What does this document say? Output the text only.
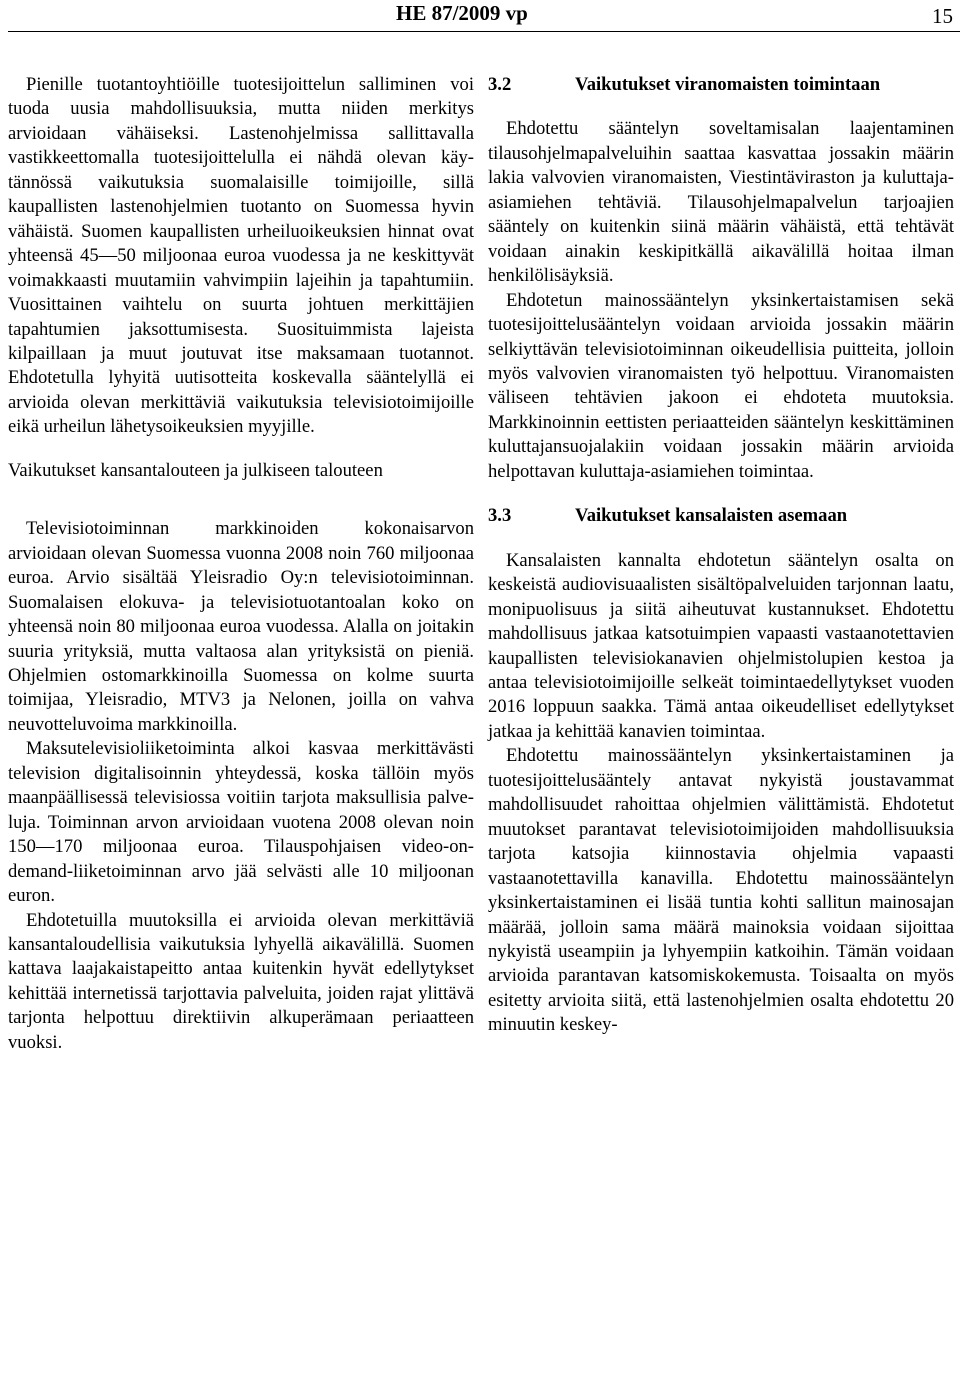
HE 87/2009 vp	15

Pienille tuotantoyhtiöille tuotesijoittelun salliminen voi tuoda uusia mahdollisuuksia, mutta niiden merkitys arvioidaan vähäiseksi. Lastenohjelmissa sallittavalla vastikkeettomalla tuotesijoittelulla ei nähdä olevan käytännössä vaikutuksia suomalaisille toimijoille, sillä kaupallisten lastenohjelmien tuotanto on Suomessa hyvin vähäistä. Suomen kaupallisten urheiluoikeuksien hinnat ovat yhteensä 45—50 miljoonaa euroa vuodessa ja ne keskittyvät voimakkaasti muutamiin vahvimpiin lajeihin ja tapahtumiin. Vuosittainen vaihtelu on suurta johtuen merkittäjien tapahtumien jaksottumisesta. Suosituimmista lajeista kilpaillaan ja muut joutuvat itse maksamaan tuotannot. Ehdotetulla lyhyitä uutisotteita koskevalla sääntelyllä ei arvioida olevan merkittäviä vaikutuksia televisiotoimijoille eikä urheilun lähetysoikeuksien myyjille.

Vaikutukset kansantalouteen ja julkiseen talouteen

Televisiotoiminnan markkinoiden kokonaisarvon arvioidaan olevan Suomessa vuonna 2008 noin 760 miljoonaa euroa. Arvio sisältää Yleisradio Oy:n televisiotoiminnan. Suomalaisen elokuva- ja televisiotuotantoalan koko on yhteensä noin 80 miljoonaa euroa vuodessa. Alalla on joitakin suuria yrityksiä, mutta valtaosa alan yrityksistä on pieniä. Ohjelmien ostomarkkinoilla Suomessa on kolme suurta toimijaa, Yleisradio, MTV3 ja Nelonen, joilla on vahva neuvotteluvoima markkinoilla.

Maksutelevisioliiketoiminta alkoi kasvaa merkittävästi television digitalisoinnin yhteydessä, koska tällöin myös maanpäällisessä televisiossa voitiin tarjota maksullisia palveluja. Toiminnan arvon arvioidaan vuotena 2008 olevan noin 150—170 miljoonaa euroa. Tilauspohjaisen video-on-demand-liiketoiminnan arvo jää selvästi alle 10 miljoonan euron.

Ehdotetuilla muutoksilla ei arvioida olevan merkittäviä kansantaloudellisia vaikutuksia lyhyellä aikavälillä. Suomen kattava laajakaistapeitto antaa kuitenkin hyvät edellytykset kehittää internetissä tarjottavia palveluita, joiden rajat ylittävä tarjonta helpottuu direktiivin alkuperämaan periaatteen vuoksi.

3.2	Vaikutukset viranomaisten toimintaan

Ehdotettu sääntelyn soveltamisalan laajentaminen tilausohjelmapalveluihin saattaa kasvattaa jossakin määrin lakia valvovien viranomaisten, Viestintäviraston ja kuluttajaasiamiehen tehtäviä. Tilausohjelmapalvelun tarjoajien sääntely on kuitenkin siinä määrin vähäistä, että tehtävät voidaan ainakin keskipitkällä aikavälillä hoitaa ilman henkilölisäyksiä.

Ehdotetun mainossääntelyn yksinkertaistamisen sekä tuotesijoittelusääntelyn voidaan arvioida jossakin määrin selkiyttävän televisiotoiminnan oikeudellisia puitteita, jolloin myös valvovien viranomaisten työ helpottuu. Viranomaisten väliseen tehtävien jakoon ei ehdoteta muutoksia. Markkinoinnin eettisten periaatteiden sääntelyn keskittäminen kuluttajansuojalakiin voidaan jossakin määrin arvioida helpottavan kuluttaja-asiamiehen toimintaa.

3.3	Vaikutukset kansalaisten asemaan

Kansalaisten kannalta ehdotetun sääntelyn osalta on keskeistä audiovisuaalisten sisältöpalveluiden tarjonnan laatu, monipuolisuus ja siitä aiheutuvat kustannukset. Ehdotettu mahdollisuus jatkaa katsotuimpien vapaasti vastaanotettavien kaupallisten televisiokanavien ohjelmistolupien kestoa ja antaa televisiotoimijoille selkeät toimintaedellytykset vuoden 2016 loppuun saakka. Tämä antaa oikeudelliset edellytykset jatkaa ja kehittää kanavien toimintaa.

Ehdotettu mainossääntelyn yksinkertaistaminen ja tuotesijoittelusääntely antavat nykyistä joustavammat mahdollisuudet rahoittaa ohjelmien välittämistä. Ehdotetut muutokset parantavat televisiotoimijoiden mahdollisuuksia tarjota katsojia kiinnostavia ohjelmia vapaasti vastaanotettavilla kanavilla. Ehdotettu mainossääntelyn yksinkertaistaminen ei lisää tuntia kohti sallitun mainosajan määrää, jolloin sama määrä mainoksia voidaan sijoittaa nykyistä useampiin ja lyhyempiin katkoihin. Tämän voidaan arvioida parantavan katsomiskokemusta. Toisaalta on myös esitetty arvioita siitä, että lastenohjelmien osalta ehdotettu 20 minuutin keskey-
